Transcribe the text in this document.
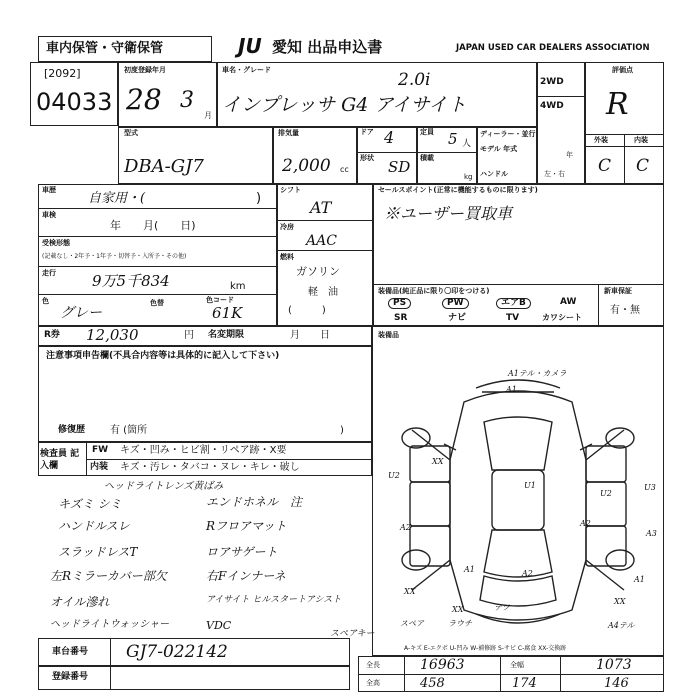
車内保管・守衛保管	JU 愛知 出品申込書	JAPAN USED CAR DEALERS ASSOCIATION
[2092]
04033
初度登録年月
28 3
月
車名・グレード	2.0i
インプレッサ G4 アイサイト
2WD
4WD
評価点
R
外装	内装
C C
型式
DBA-GJ7
排気量
2,000 cc
ドア 4	定員 5 人
形状 SD 積載
kg
ディーラー・並行
モデル 年式
年
ハンドル	左・右
車歴
自家用・(	)
車検
年　　月(　　日)
受検形態
(記載なし・2年予・1年予・切替予・入所予・その他)
走行 9万5千834	km
色
グレー
色替	色コード
61K
シフト
AT
冷房
AAC
燃料
ガソリン
軽　油
(　　　)
セールスポイント(正常に機能するものに限ります)
※ユーザー買取車
装備品(純正品に限り〇印をつける)
PS	PW	エアB	AW
SR	ナビ	TV	カワシート
新車保証
有・無
R券 12,030	円 名変期限	月　　日
注意事項申告欄(不具合内容等は具体的に記入して下さい)
修復歴 有 (箇所	)
検査員 記入欄
FW キズ・凹み・ヒビ割・リペア跡・X要
内装 キズ・汚レ・タバコ・ヌレ・キレ・破し
ヘッドライトレンズ黄ばみ
キズミ シミ	エンドホネル　注
ハンドルスレ	Rフロアマット
スラッドレスT	ロアサゲート
左Rミラーカバー部欠	右Fインナーネ
オイル滲れ	アイサイト ヒルスタートアシスト
ヘッドライトウォッシャー	VDC
スペアキー
装備品
A1テル・カメラ
A1
U2
XX
A2
U1	U3
U2
A2
A1
A3
A2
A1
XX
XX
テツ
A4テル
XX
スペア	ラウチ
A-キズ E-エクボ U-凹み W-補修跡 S-サビ C-腐食 XX-交換跡
車台番号 GJ7-022142
登録番号
全長	16963	全幅	1073
全高	458	174	146
